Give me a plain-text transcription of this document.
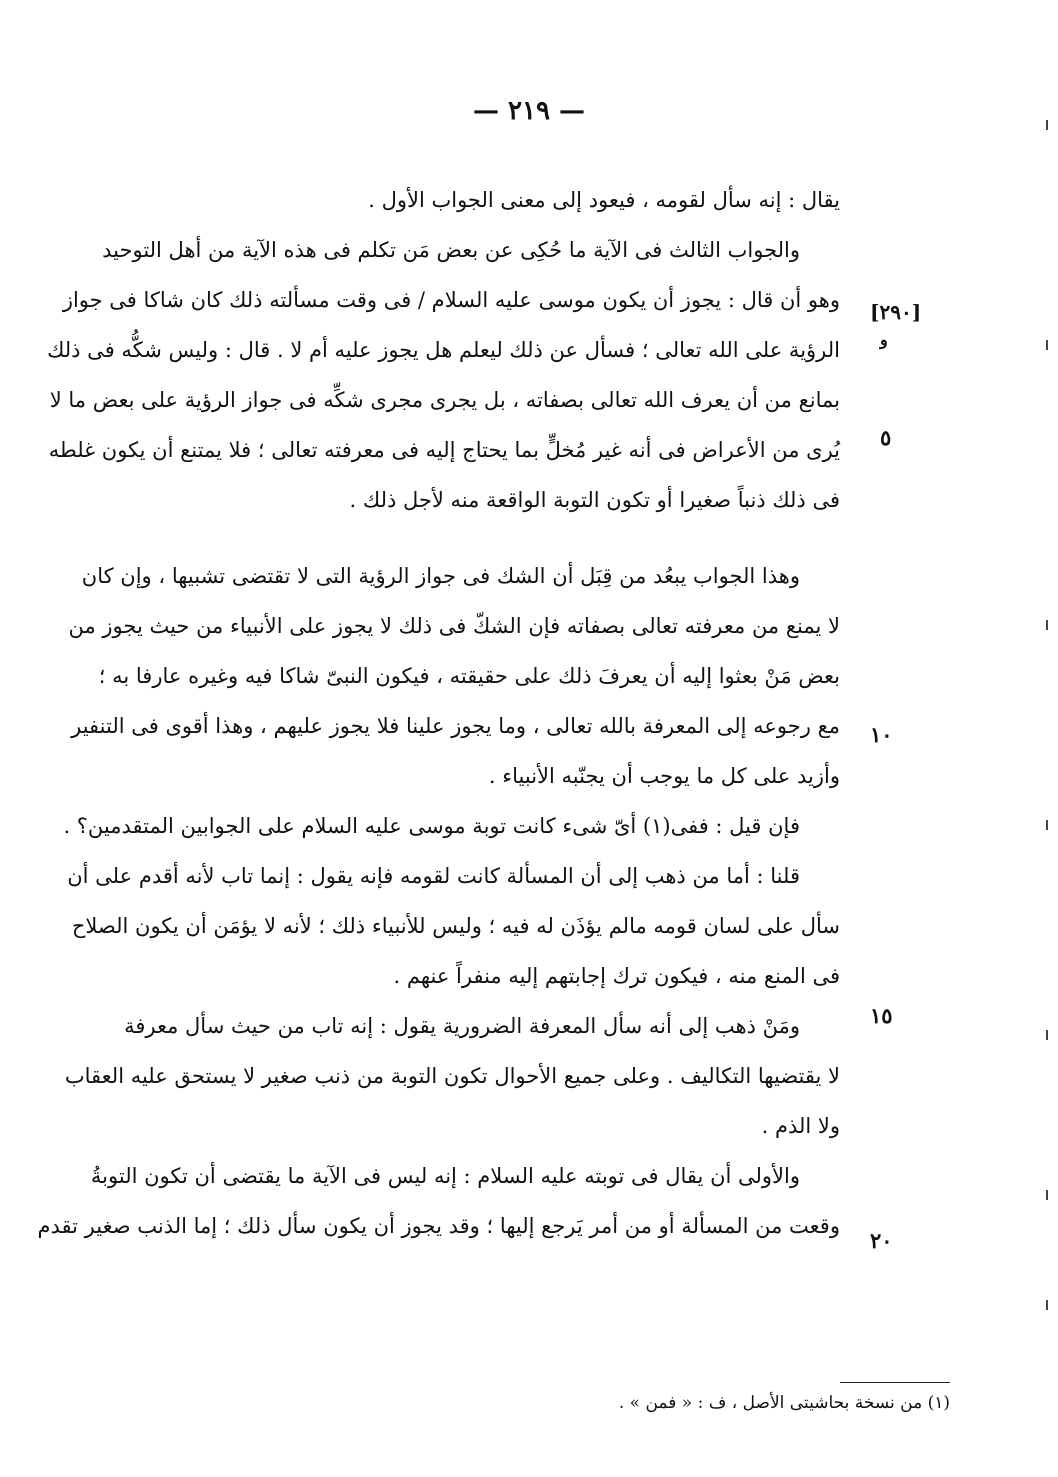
— ٢١٩ —
يقال : إنه سأل لقومه ، فيعود إلى معنى الجواب الأول .
والجواب الثالث فى الآية ما حُكِى عن بعض مَن تكلم فى هذه الآية من أهل التوحيد
وهو أن قال : يجوز أن يكون موسى عليه السلام / فى وقت مسألته ذلك كان شاكا فى جواز
الرؤية على الله تعالى ؛ فسأل عن ذلك ليعلم هل يجوز عليه أم لا . قال : وليس شكُّه فى ذلك
بمانع من أن يعرف الله تعالى بصفاته ، بل يجرى مجرى شكِّه فى جواز الرؤية على بعض ما لا
يُرى من الأعراض فى أنه غير مُخلٍّ بما يحتاج إليه فى معرفته تعالى ؛ فلا يمتنع أن يكون غلطه
فى ذلك ذنباً صغيرا أو تكون التوبة الواقعة منه لأجل ذلك .
وهذا الجواب يبعُد من قِبَل أن الشك فى جواز الرؤية التى لا تقتضى تشبيها ، وإن كان
لا يمنع من معرفته تعالى بصفاته فإن الشكّ فى ذلك لا يجوز على الأنبياء من حيث يجوز من
بعض مَنْ بعثوا إليه أن يعرفَ ذلك على حقيقته ، فيكون النبىّ شاكا فيه وغيره عارفا به ؛
مع رجوعه إلى المعرفة بالله تعالى ، وما يجوز علينا فلا يجوز عليهم ، وهذا أقوى فى التنفير
وأزيد على كل ما يوجب أن يجنّبه الأنبياء .
فإن قيل : ففى(١) أىّ شىء كانت توبة موسى عليه السلام على الجوابين المتقدمين؟ .
قلنا : أما من ذهب إلى أن المسألة كانت لقومه فإنه يقول : إنما تاب لأنه أقدم على أن
سأل على لسان قومه مالم يؤذَن له فيه ؛ وليس للأنبياء ذلك ؛ لأنه لا يؤمَن أن يكون الصلاح
فى المنع منه ، فيكون ترك إجابتهم إليه منفراً عنهم .
ومَنْ ذهب إلى أنه سأل المعرفة الضرورية يقول : إنه تاب من حيث سأل معرفة
لا يقتضيها التكاليف . وعلى جميع الأحوال تكون التوبة من ذنب صغير لا يستحق عليه العقاب
ولا الذم .
والأولى أن يقال فى توبته عليه السلام : إنه ليس فى الآية ما يقتضى أن تكون التوبةُ
وقعت من المسألة أو من أمر يَرجع إليها ؛ وقد يجوز أن يكون سأل ذلك ؛ إما الذنب صغير تقدم
[٢٩٠]
و
٥
١٠
١٥
٢٠
(١) من نسخة بحاشيتى الأصل ، ف : « فمن » .
